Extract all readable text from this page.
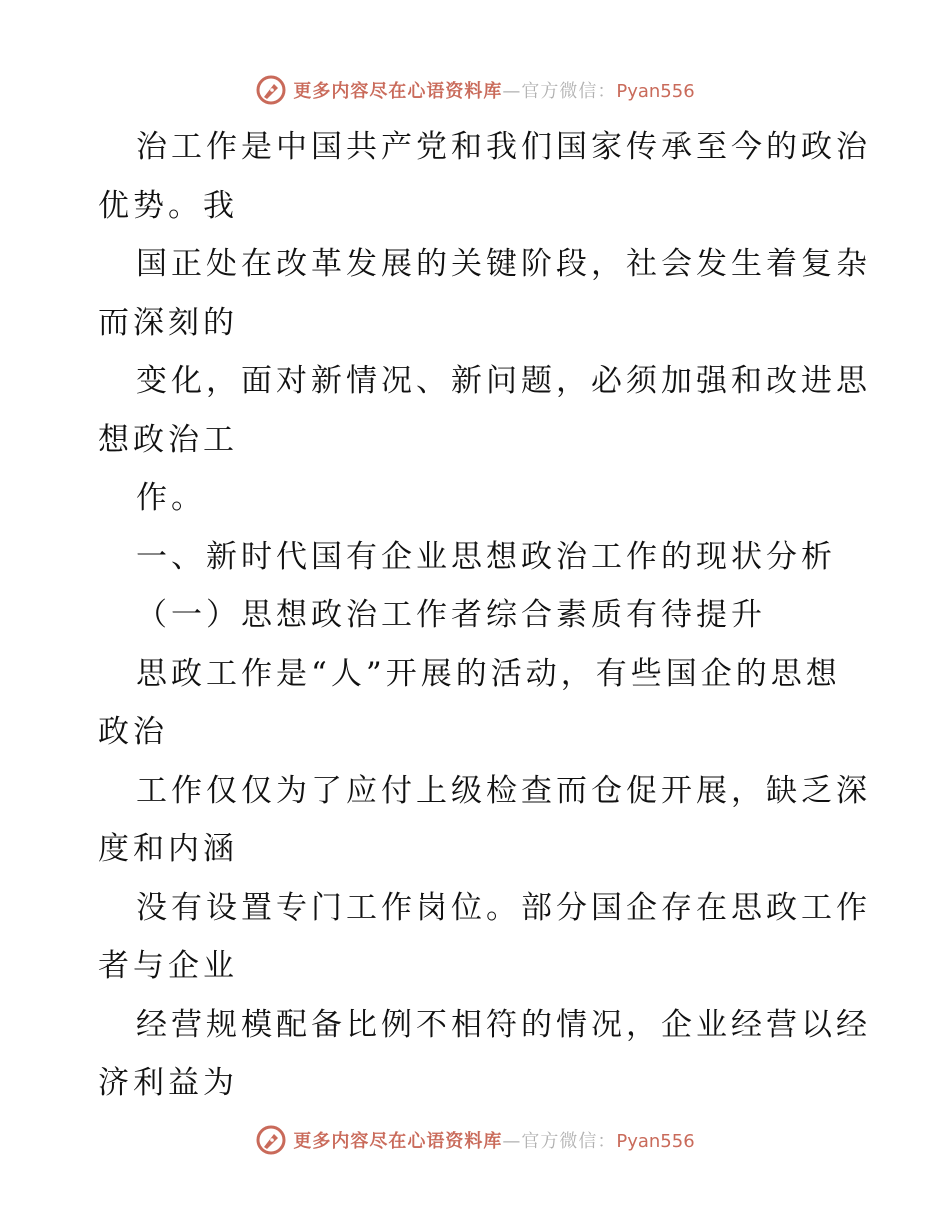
更多内容尽在心语资料库—官方微信：Pyan556
治工作是中国共产党和我们国家传承至今的政治
优势。我
国正处在改革发展的关键阶段，社会发生着复杂
而深刻的
变化，面对新情况、新问题，必须加强和改进思
想政治工
作。
一、新时代国有企业思想政治工作的现状分析
（一）思想政治工作者综合素质有待提升
思政工作是“人”开展的活动，有些国企的思想
政治
工作仅仅为了应付上级检查而仓促开展，缺乏深
度和内涵
没有设置专门工作岗位。部分国企存在思政工作
者与企业
经营规模配备比例不相符的情况，企业经营以经
济利益为
更多内容尽在心语资料库—官方微信：Pyan556
